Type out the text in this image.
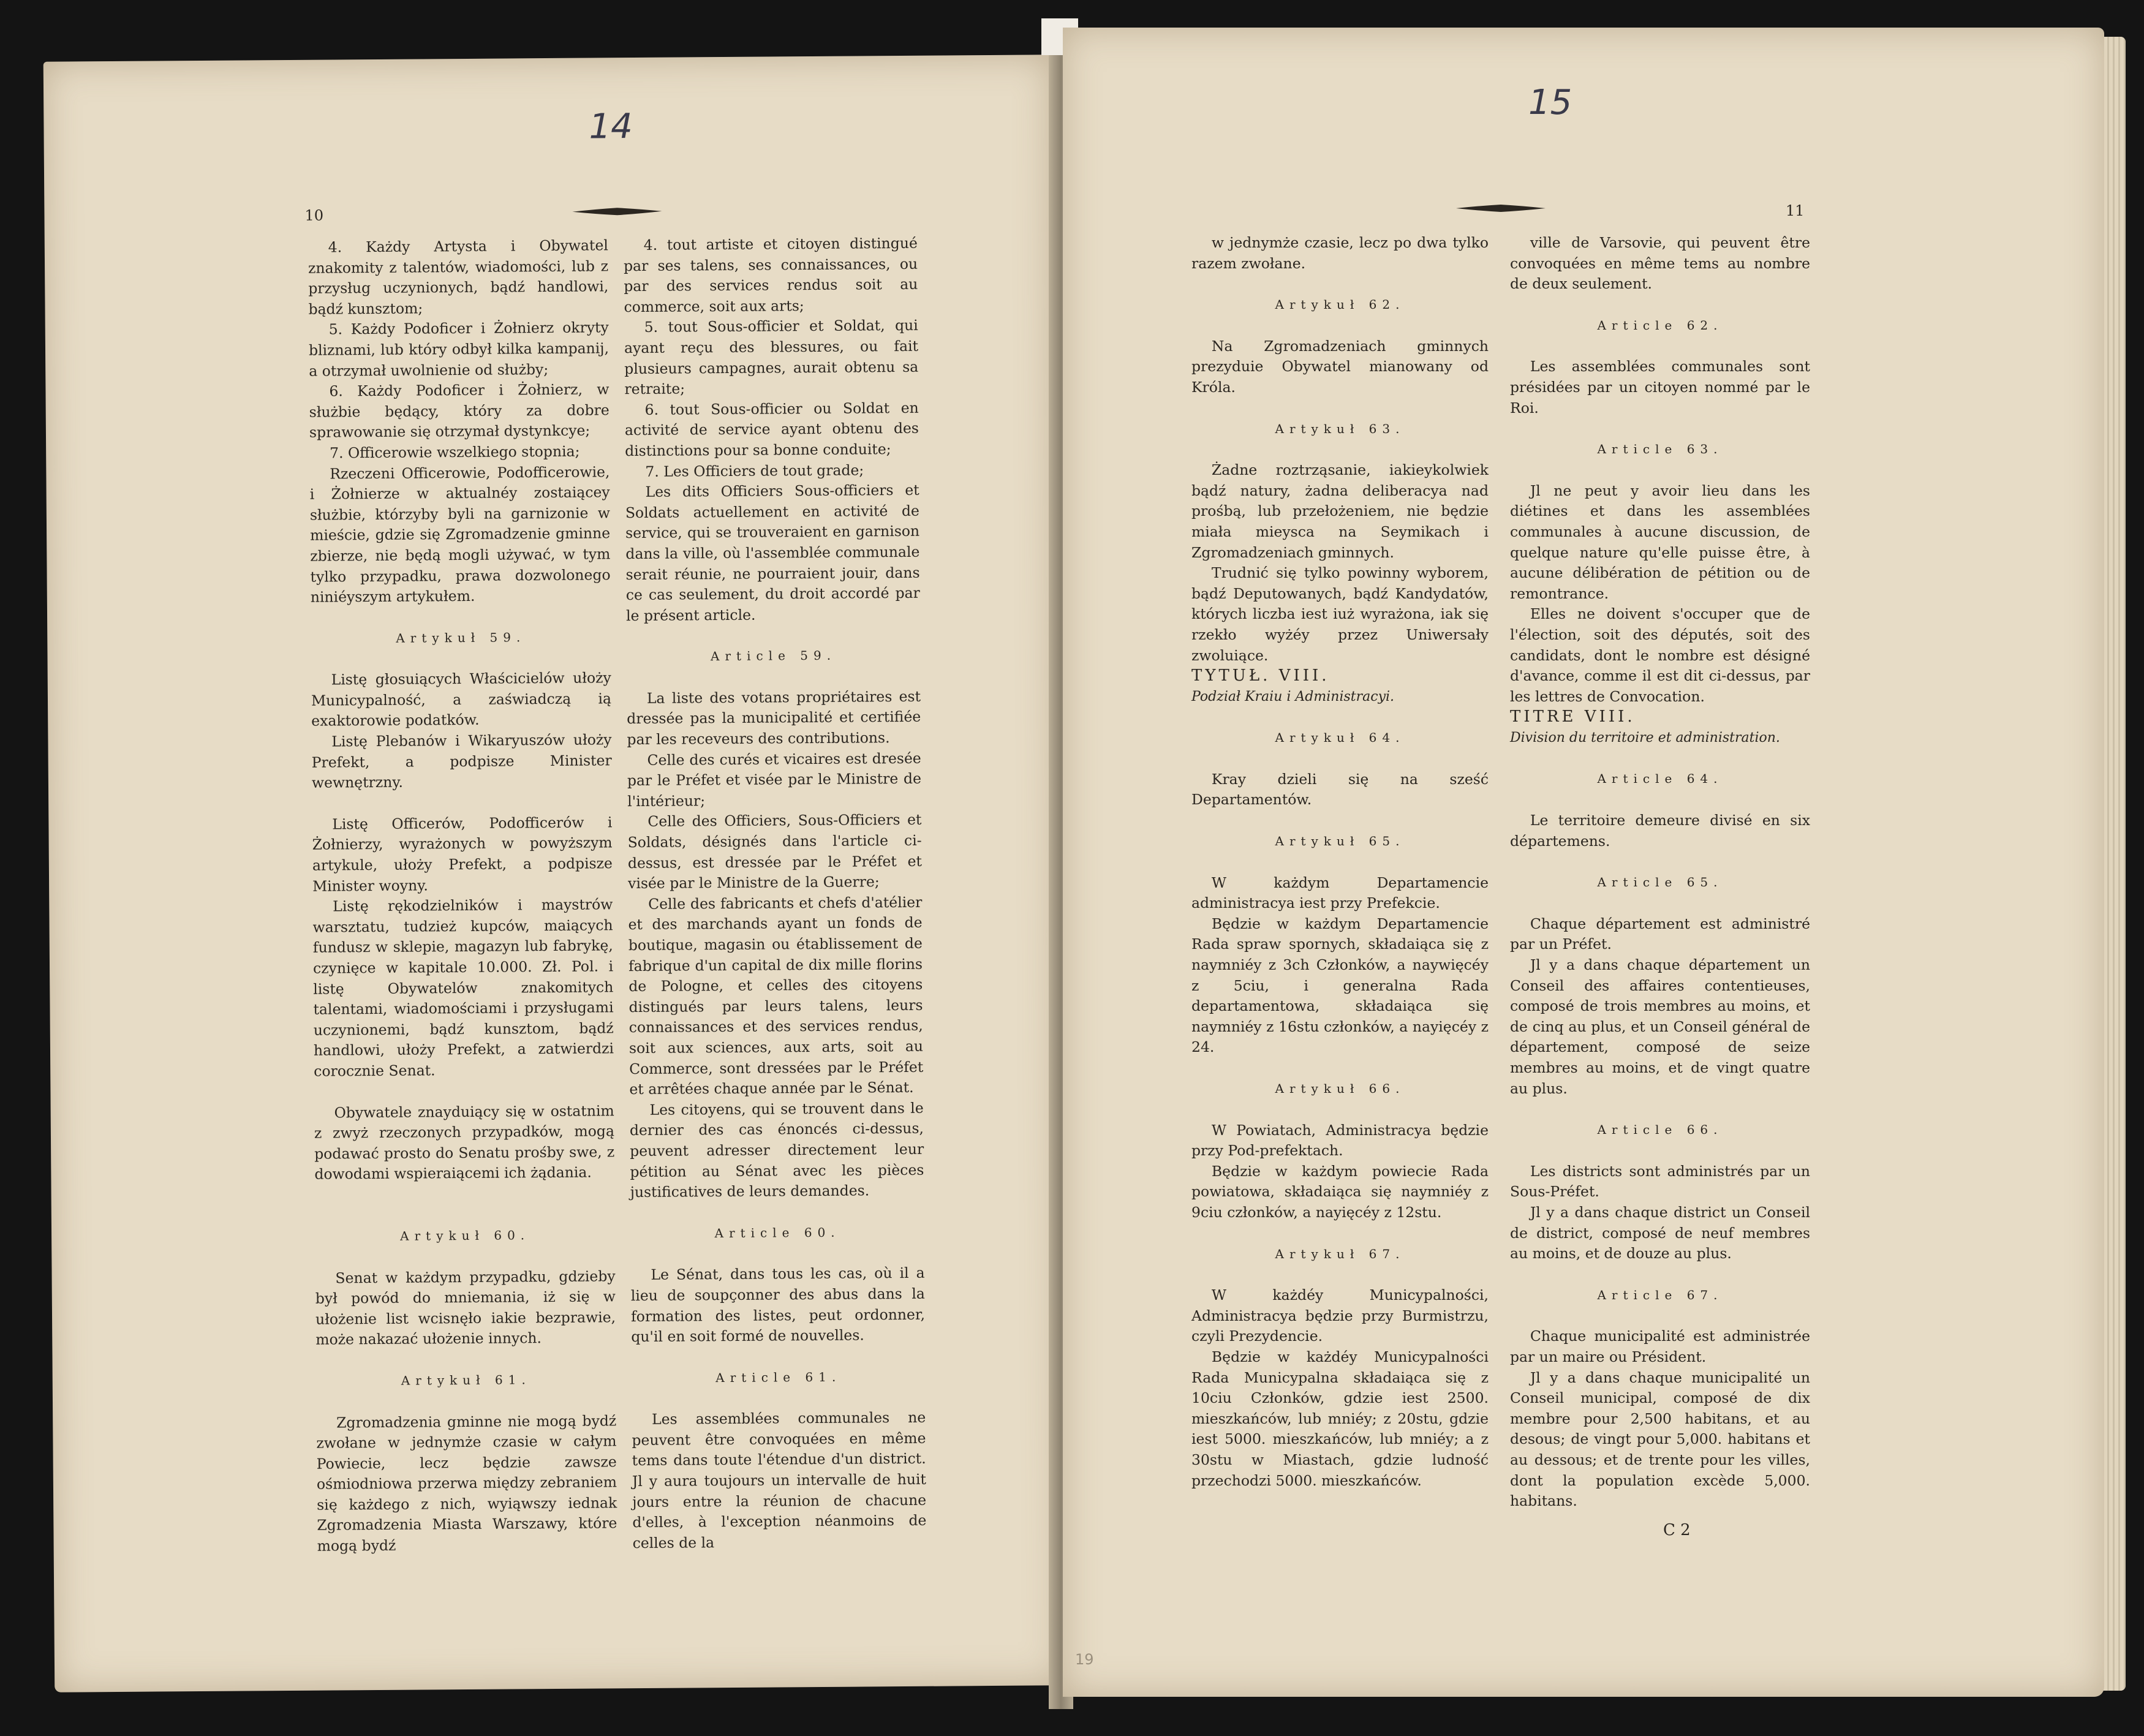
14
10

4. Każdy Artysta i Obywatel znakomity z talentów, wiadomości, lub z przysług uczynionych, bądź handlowi, bądź kunsztom;

5. Każdy Podoficer i Żołnierz okryty bliznami, lub który odbył kilka kampanij, a otrzymał uwolnienie od służby;

6. Każdy Podoficer i Żołnierz, w służbie będący, który za dobre sprawowanie się otrzymał dystynkcye;

7. Officerowie wszelkiego stopnia;

Rzeczeni Officerowie, Podofficerowie, i Żołnierze w aktualnéy zostaiącey służbie, którzyby byli na garnizonie w mieście, gdzie się Zgromadzenie gminne zbierze, nie będą mogli używać, w tym tylko przypadku, prawa dozwolonego niniéyszym artykułem.

Artykuł 59.

Listę głosuiących Właścicielów ułoży Municypalność, a zaświadczą ią exaktorowie podatków.

Listę Plebanów i Wikaryuszów ułoży Prefekt, a podpisze Minister wewnętrzny.

Listę Officerów, Podofficerów i Żołnierzy, wyrażonych w powyższym artykule, ułoży Prefekt, a podpisze Minister woyny.

Listę rękodzielników i maystrów warsztatu, tudzież kupców, maiących fundusz w sklepie, magazyn lub fabrykę, czynięce w kapitale 10.000. Zł. Pol. i listę Obywatelów znakomitych talentami, wiadomościami i przysługami uczynionemi, bądź kunsztom, bądź handlowi, ułoży Prefekt, a zatwierdzi corocznie Senat.

Obywatele znayduiący się w ostatnim z zwyż rzeczonych przypadków, mogą podawać prosto do Senatu prośby swe, z dowodami wspieraiącemi ich żądania.

Artykuł 60.

Senat w każdym przypadku, gdzieby był powód do mniemania, iż się w ułożenie list wcisnęło iakie bezprawie, może nakazać ułożenie innych.

Artykuł 61.

Zgromadzenia gminne nie mogą bydź zwołane w jednymże czasie w całym Powiecie, lecz będzie zawsze ośmiodniowa przerwa między zebraniem się każdego z nich, wyiąwszy iednak Zgromadzenia Miasta Warszawy, które mogą bydź

4. tout artiste et citoyen distingué par ses talens, ses connaissances, ou par des services rendus soit au commerce, soit aux arts;

5. tout Sous-officier et Soldat, qui ayant reçu des blessures, ou fait plusieurs campagnes, aurait obtenu sa retraite;

6. tout Sous-officier ou Soldat en activité de service ayant obtenu des distinctions pour sa bonne conduite;

7. Les Officiers de tout grade;

Les dits Officiers Sous-officiers et Soldats actuellement en activité de service, qui se trouveraient en garnison dans la ville, où l'assemblée communale serait réunie, ne pourraient jouir, dans ce cas seulement, du droit accordé par le présent article.

Article 59.

La liste des votans propriétaires est dressée pas la municipalité et certifiée par les receveurs des contributions.

Celle des curés et vicaires est dresée par le Préfet et visée par le Ministre de l'intérieur;

Celle des Officiers, Sous-Officiers et Soldats, désignés dans l'article ci-dessus, est dressée par le Préfet et visée par le Ministre de la Guerre;

Celle des fabricants et chefs d'atélier et des marchands ayant un fonds de boutique, magasin ou établissement de fabrique d'un capital de dix mille florins de Pologne, et celles des citoyens distingués par leurs talens, leurs connaissances et des services rendus, soit aux sciences, aux arts, soit au Commerce, sont dressées par le Préfet et arrêtées chaque année par le Sénat.

Les citoyens, qui se trouvent dans le dernier des cas énoncés ci-dessus, peuvent adresser directement leur pétition au Sénat avec les pièces justificatives de leurs demandes.

Article 60.

Le Sénat, dans tous les cas, où il a lieu de soupçonner des abus dans la formation des listes, peut ordonner, qu'il en soit formé de nouvelles.

Article 61.

Les assemblées communales ne peuvent être convoquées en même tems dans toute l'étendue d'un district. Jl y aura toujours un intervalle de huit jours entre la réunion de chacune d'elles, à l'exception néanmoins de celles de la

15
11

w jednymże czasie, lecz po dwa tylko razem zwołane.

Artykuł 62.

Na Zgromadzeniach gminnych prezyduie Obywatel mianowany od Króla.

Artykuł 63.

Żadne roztrząsanie, iakieykolwiek bądź natury, żadna deliberacya nad prośbą, lub przełożeniem, nie będzie miała mieysca na Seymikach i Zgromadzeniach gminnych.

Trudnić się tylko powinny wyborem, bądź Deputowanych, bądź Kandydatów, których liczba iest iuż wyrażona, iak się rzekło wyżéy przez Uniwersały zwoluiące.

TYTUŁ. VIII.

Podział Kraiu i Administracyi.

Artykuł 64.

Kray dzieli się na sześć Departamentów.

Artykuł 65.

W każdym Departamencie administracya iest przy Prefekcie.

Będzie w każdym Departamencie Rada spraw spornych, składaiąca się z naymniéy z 3ch Członków, a naywięcéy z 5ciu, i generalna Rada departamentowa, składaiąca się naymniéy z 16stu członków, a nayięcéy z 24.

Artykuł 66.

W Powiatach, Administracya będzie przy Pod-prefektach.

Będzie w każdym powiecie Rada powiatowa, składaiąca się naymniéy z 9ciu członków, a nayięcéy z 12stu.

Artykuł 67.

W każdéy Municypalności, Administracya będzie przy Burmistrzu, czyli Prezydencie.

Będzie w każdéy Municypalności Rada Municypalna składaiąca się z 10ciu Członków, gdzie iest 2500. mieszkańców, lub mniéy; z 20stu, gdzie iest 5000. mieszkańców, lub mniéy; a z 30stu w Miastach, gdzie ludność przechodzi 5000. mieszkańców.

ville de Varsovie, qui peuvent être convoquées en même tems au nombre de deux seulement.

Article 62.

Les assemblées communales sont présidées par un citoyen nommé par le Roi.

Article 63.

Jl ne peut y avoir lieu dans les diétines et dans les assemblées communales à aucune discussion, de quelque nature qu'elle puisse être, à aucune délibération de pétition ou de remontrance.

Elles ne doivent s'occuper que de l'élection, soit des députés, soit des candidats, dont le nombre est désigné d'avance, comme il est dit ci-dessus, par les lettres de Convocation.

TITRE VIII.

Division du territoire et administration.

Article 64.

Le territoire demeure divisé en six départemens.

Article 65.

Chaque département est administré par un Préfet.

Jl y a dans chaque département un Conseil des affaires contentieuses, composé de trois membres au moins, et de cinq au plus, et un Conseil général de département, composé de seize membres au moins, et de vingt quatre au plus.

Article 66.

Les districts sont administrés par un Sous-Préfet.

Jl y a dans chaque district un Conseil de district, composé de neuf membres au moins, et de douze au plus.

Article 67.

Chaque municipalité est administrée par un maire ou Président.

Jl y a dans chaque municipalité un Conseil municipal, composé de dix membre pour 2,500 habitans, et au desous; de vingt pour 5,000. habitans et au dessous; et de trente pour les villes, dont la population excède 5,000. habitans.

C 2
19
